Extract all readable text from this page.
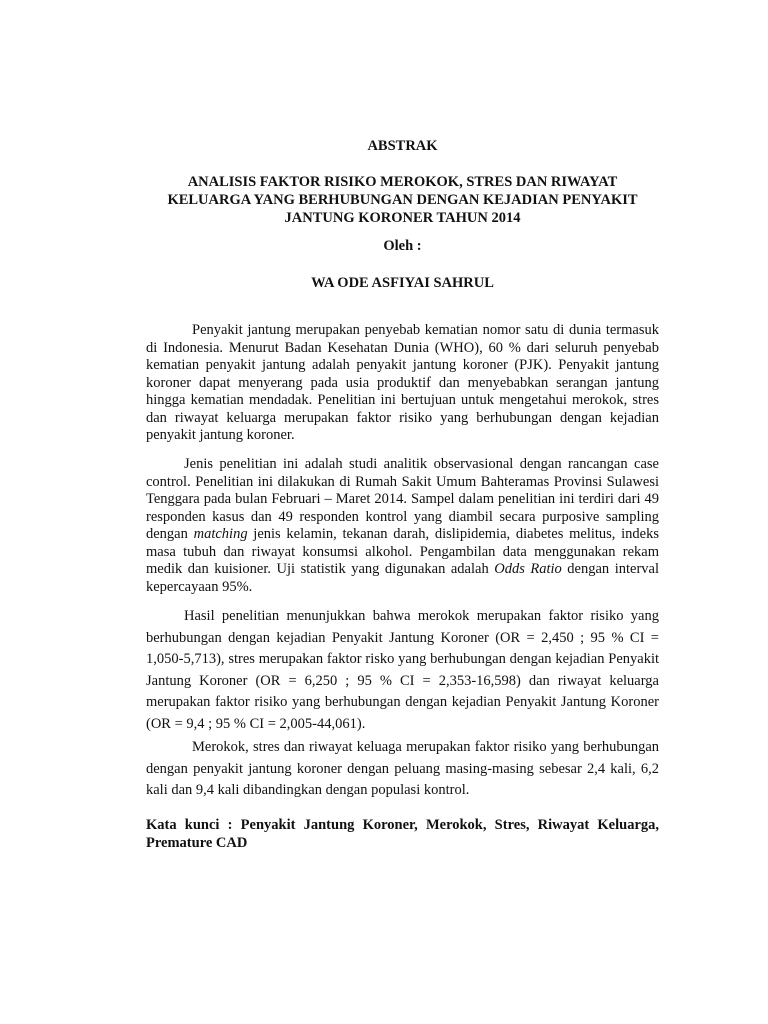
ABSTRAK

ANALISIS FAKTOR RISIKO MEROKOK, STRES DAN RIWAYAT KELUARGA YANG BERHUBUNGAN DENGAN KEJADIAN PENYAKIT JANTUNG KORONER TAHUN 2014

Oleh :

WA ODE ASFIYAI SAHRUL

Penyakit jantung merupakan penyebab kematian nomor satu di dunia termasuk di Indonesia. Menurut Badan Kesehatan Dunia (WHO), 60 % dari seluruh penyebab kematian penyakit jantung adalah penyakit jantung koroner (PJK). Penyakit jantung koroner dapat menyerang pada usia produktif dan menyebabkan serangan jantung hingga kematian mendadak. Penelitian ini bertujuan untuk mengetahui merokok, stres dan riwayat keluarga merupakan faktor risiko yang berhubungan dengan kejadian penyakit jantung koroner.

Jenis penelitian ini adalah studi analitik observasional dengan rancangan case control. Penelitian ini dilakukan di Rumah Sakit Umum Bahteramas Provinsi Sulawesi Tenggara pada bulan Februari – Maret 2014. Sampel dalam penelitian ini terdiri dari 49 responden kasus dan 49 responden kontrol yang diambil secara purposive sampling dengan matching jenis kelamin, tekanan darah, dislipidemia, diabetes melitus, indeks masa tubuh dan riwayat konsumsi alkohol. Pengambilan data menggunakan rekam medik dan kuisioner. Uji statistik yang digunakan adalah Odds Ratio dengan interval kepercayaan 95%.

Hasil penelitian menunjukkan bahwa merokok merupakan faktor risiko yang berhubungan dengan kejadian Penyakit Jantung Koroner (OR = 2,450 ; 95 % CI = 1,050-5,713), stres merupakan faktor risko yang berhubungan dengan kejadian Penyakit Jantung Koroner (OR = 6,250 ; 95 % CI = 2,353-16,598) dan riwayat keluarga merupakan faktor risiko yang berhubungan dengan kejadian Penyakit Jantung Koroner (OR = 9,4 ; 95 % CI = 2,005-44,061).

Merokok, stres dan riwayat keluaga merupakan faktor risiko yang berhubungan dengan penyakit jantung koroner dengan peluang masing-masing sebesar 2,4 kali, 6,2 kali dan 9,4 kali dibandingkan dengan populasi kontrol.

Kata kunci : Penyakit Jantung Koroner, Merokok, Stres, Riwayat Keluarga, Premature CAD
